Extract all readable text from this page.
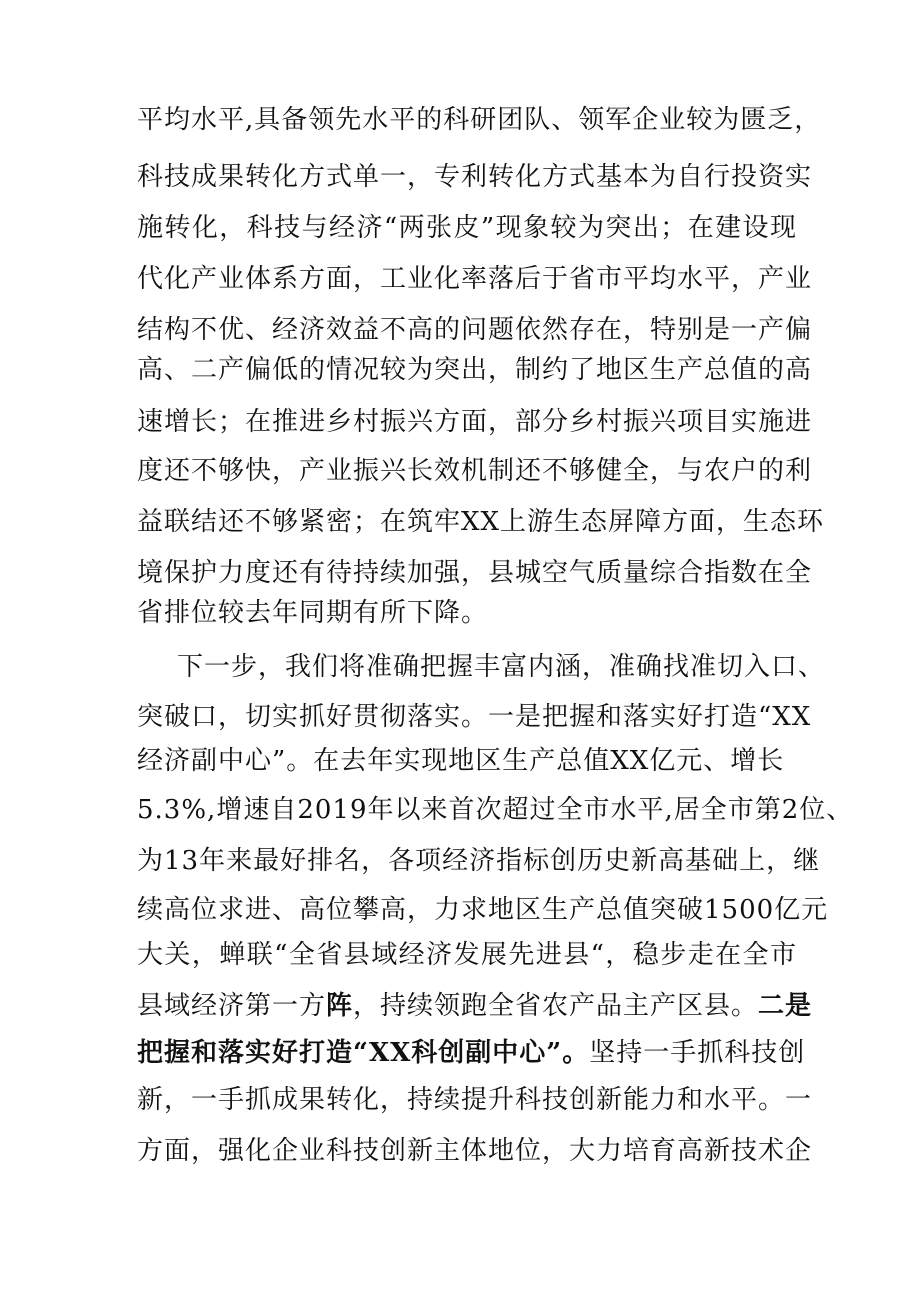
平均水平,具备领先水平的科研团队、领军企业较为匮乏，
科技成果转化方式单一，专利转化方式基本为自行投资实
施转化，科技与经济“两张皮”现象较为突出；在建设现
代化产业体系方面，工业化率落后于省市平均水平，产业
结构不优、经济效益不高的问题依然存在，特别是一产偏
高、二产偏低的情况较为突出，制约了地区生产总值的高
速增长；在推进乡村振兴方面，部分乡村振兴项目实施进
度还不够快，产业振兴长效机制还不够健全，与农户的利
益联结还不够紧密；在筑牢XX上游生态屏障方面，生态环
境保护力度还有待持续加强，县城空气质量综合指数在全
省排位较去年同期有所下降。
下一步，我们将准确把握丰富内涵，准确找准切入口、
突破口，切实抓好贯彻落实。一是把握和落实好打造“XX
经济副中心”。在去年实现地区生产总值XX亿元、增长
5.3%,增速自2019年以来首次超过全市水平,居全市第2位、
为13年来最好排名，各项经济指标创历史新高基础上，继
续高位求进、高位攀高，力求地区生产总值突破1500亿元
大关，蝉联“全省县域经济发展先进县“，稳步走在全市
县域经济第一方阵，持续领跑全省农产品主产区县。二是
把握和落实好打造“XX科创副中心”。坚持一手抓科技创
新，一手抓成果转化，持续提升科技创新能力和水平。一
方面，强化企业科技创新主体地位，大力培育高新技术企
